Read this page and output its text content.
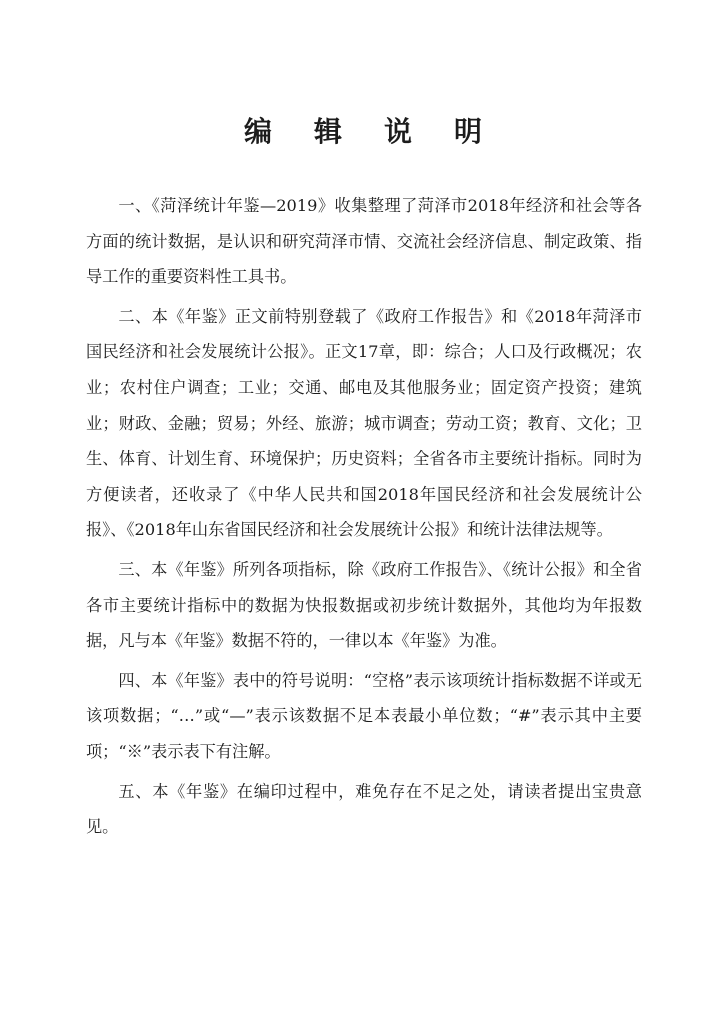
编 辑 说 明

一、《菏泽统计年鉴—2019》收集整理了菏泽市2018年经济和社会等各方面的统计数据，是认识和研究菏泽市情、交流社会经济信息、制定政策、指导工作的重要资料性工具书。

二、本《年鉴》正文前特别登载了《政府工作报告》和《2018年菏泽市国民经济和社会发展统计公报》。正文17章，即：综合；人口及行政概况；农业；农村住户调查；工业；交通、邮电及其他服务业；固定资产投资；建筑业；财政、金融；贸易；外经、旅游；城市调查；劳动工资；教育、文化；卫生、体育、计划生育、环境保护；历史资料；全省各市主要统计指标。同时为方便读者，还收录了《中华人民共和国2018年国民经济和社会发展统计公报》、《2018年山东省国民经济和社会发展统计公报》和统计法律法规等。

三、本《年鉴》所列各项指标，除《政府工作报告》、《统计公报》和全省各市主要统计指标中的数据为快报数据或初步统计数据外，其他均为年报数据，凡与本《年鉴》数据不符的，一律以本《年鉴》为准。

四、本《年鉴》表中的符号说明：“空格”表示该项统计指标数据不详或无该项数据；“…”或“—”表示该数据不足本表最小单位数；“#”表示其中主要项；“※”表示表下有注解。

五、本《年鉴》在编印过程中，难免存在不足之处，请读者提出宝贵意见。
